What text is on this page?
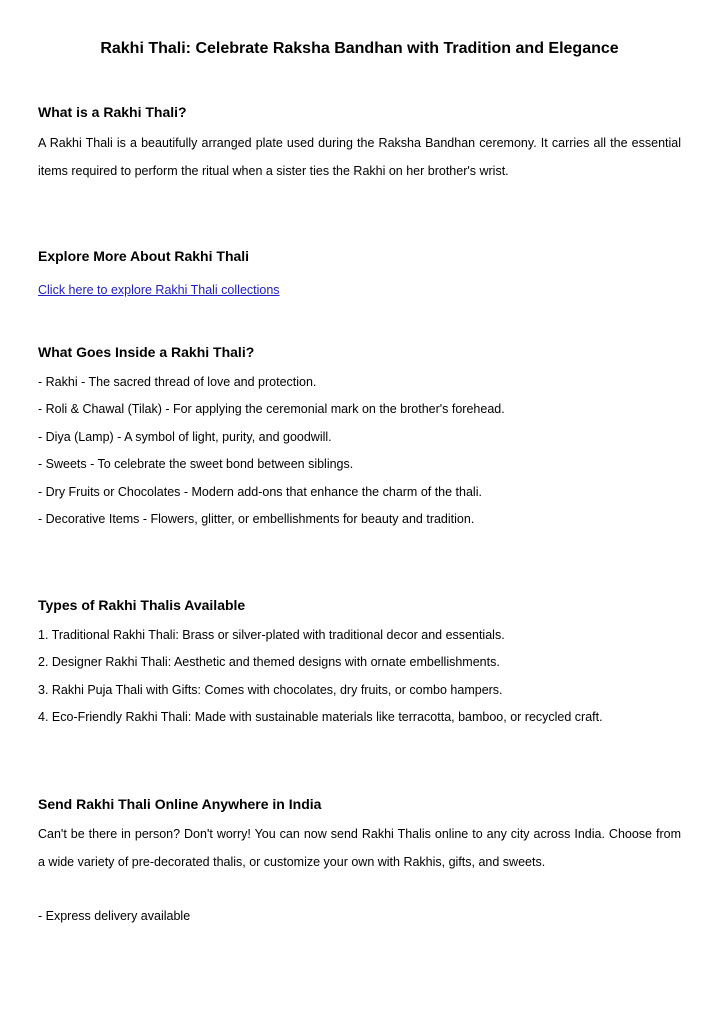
Rakhi Thali: Celebrate Raksha Bandhan with Tradition and Elegance
What is a Rakhi Thali?

A Rakhi Thali is a beautifully arranged plate used during the Raksha Bandhan ceremony. It carries all the essential items required to perform the ritual when a sister ties the Rakhi on her brother's wrist.

Explore More About Rakhi Thali
Click here to explore Rakhi Thali collections
What Goes Inside a Rakhi Thali?

- Rakhi - The sacred thread of love and protection.

- Roli & Chawal (Tilak) - For applying the ceremonial mark on the brother's forehead.

- Diya (Lamp) - A symbol of light, purity, and goodwill.

- Sweets - To celebrate the sweet bond between siblings.

- Dry Fruits or Chocolates - Modern add-ons that enhance the charm of the thali.

- Decorative Items - Flowers, glitter, or embellishments for beauty and tradition.

Types of Rakhi Thalis Available

1. Traditional Rakhi Thali: Brass or silver-plated with traditional decor and essentials.

2. Designer Rakhi Thali: Aesthetic and themed designs with ornate embellishments.

3. Rakhi Puja Thali with Gifts: Comes with chocolates, dry fruits, or combo hampers.

4. Eco-Friendly Rakhi Thali: Made with sustainable materials like terracotta, bamboo, or recycled craft.

Send Rakhi Thali Online Anywhere in India

Can't be there in person? Don't worry! You can now send Rakhi Thalis online to any city across India. Choose from a wide variety of pre-decorated thalis, or customize your own with Rakhis, gifts, and sweets.

- Express delivery available
